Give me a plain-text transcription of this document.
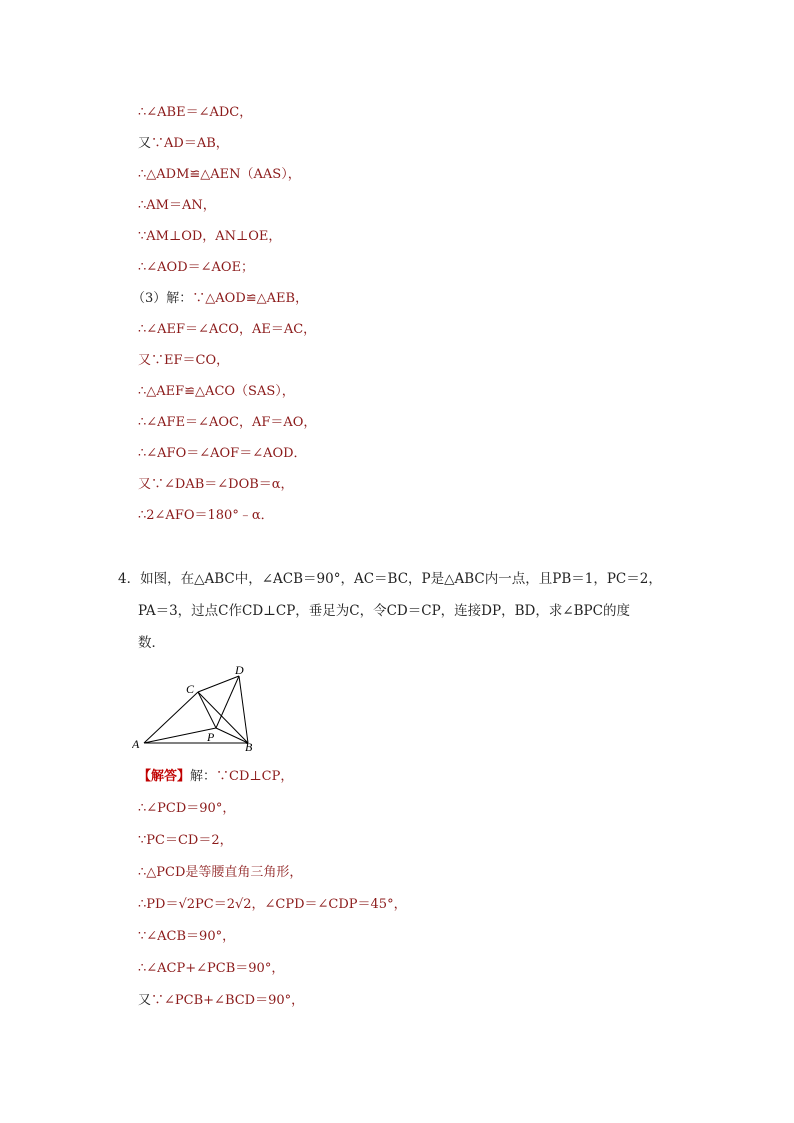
∴∠ABE＝∠ADC，
又∵AD＝AB，
∴△ADM≌△AEN（AAS），
∴AM＝AN，
∵AM⊥OD，AN⊥OE，
∴∠AOD＝∠AOE；
（3）解：∵△AOD≌△AEB，
∴∠AEF＝∠ACO，AE＝AC，
又∵EF＝CO，
∴△AEF≌△ACO（SAS），
∴∠AFE＝∠AOC，AF＝AO，
∴∠AFO＝∠AOF＝∠AOD．
又∵∠DAB＝∠DOB＝α，
∴2∠AFO＝180°﹣α．
4．如图，在△ABC中，∠ACB＝90°，AC＝BC，P是△ABC内一点，且PB＝1，PC＝2，
PA＝3，过点C作CD⊥CP，垂足为C，令CD＝CP，连接DP，BD，求∠BPC的度
数．
A	B
C
D
P
【解答】解：∵CD⊥CP，
∴∠PCD＝90°，
∵PC＝CD＝2，
∴△PCD是等腰直角三角形，
∴PD＝√2PC＝2√2，∠CPD＝∠CDP＝45°，
∵∠ACB＝90°，
∴∠ACP+∠PCB＝90°，
又∵∠PCB+∠BCD＝90°，
